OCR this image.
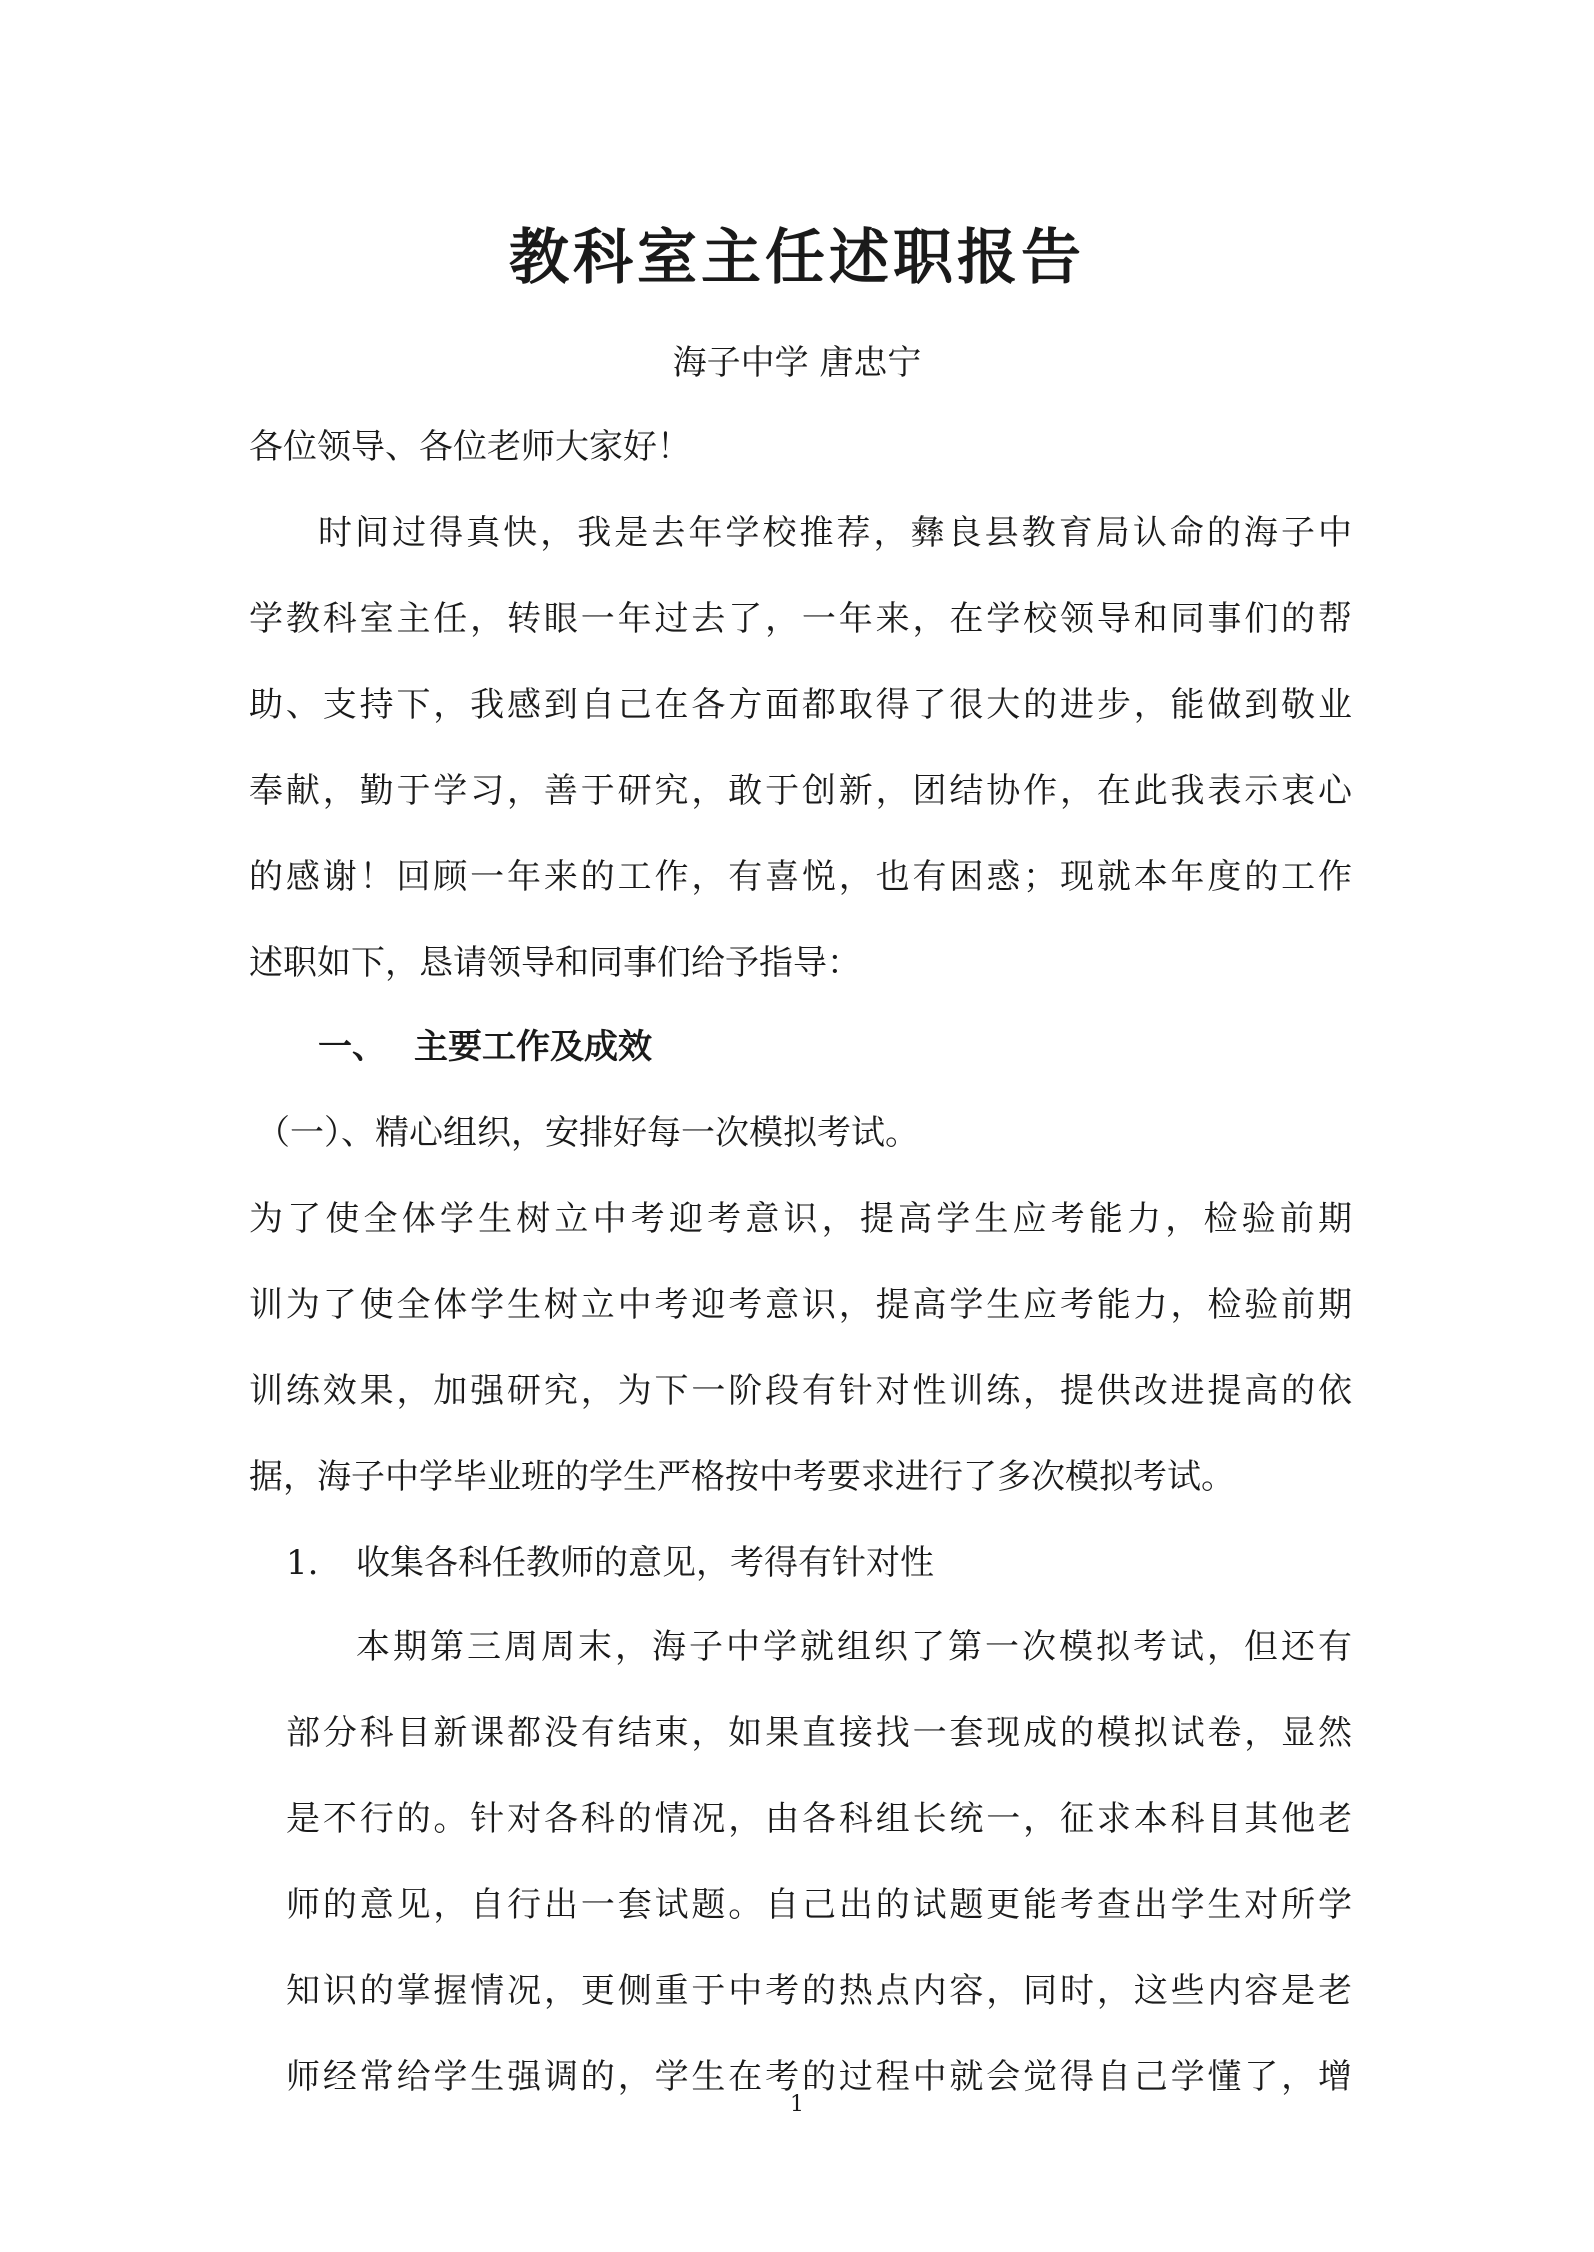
教科室主任述职报告
海子中学 唐忠宁
各位领导、各位老师大家好！
时间过得真快，我是去年学校推荐，彝良县教育局认命的海子中
学教科室主任，转眼一年过去了，一年来，在学校领导和同事们的帮
助、支持下，我感到自己在各方面都取得了很大的进步，能做到敬业
奉献，勤于学习，善于研究，敢于创新，团结协作，在此我表示衷心
的感谢！回顾一年来的工作，有喜悦，也有困惑；现就本年度的工作
述职如下，恳请领导和同事们给予指导：
一、 主要工作及成效
（一）、精心组织，安排好每一次模拟考试。
为了使全体学生树立中考迎考意识，提高学生应考能力，检验前期
训为了使全体学生树立中考迎考意识，提高学生应考能力，检验前期
训练效果，加强研究，为下一阶段有针对性训练，提供改进提高的依
据，海子中学毕业班的学生严格按中考要求进行了多次模拟考试。
1. 收集各科任教师的意见，考得有针对性
本期第三周周末，海子中学就组织了第一次模拟考试，但还有
部分科目新课都没有结束，如果直接找一套现成的模拟试卷，显然
是不行的。针对各科的情况，由各科组长统一，征求本科目其他老
师的意见，自行出一套试题。自己出的试题更能考查出学生对所学
知识的掌握情况，更侧重于中考的热点内容，同时，这些内容是老
师经常给学生强调的，学生在考的过程中就会觉得自己学懂了，增
1
